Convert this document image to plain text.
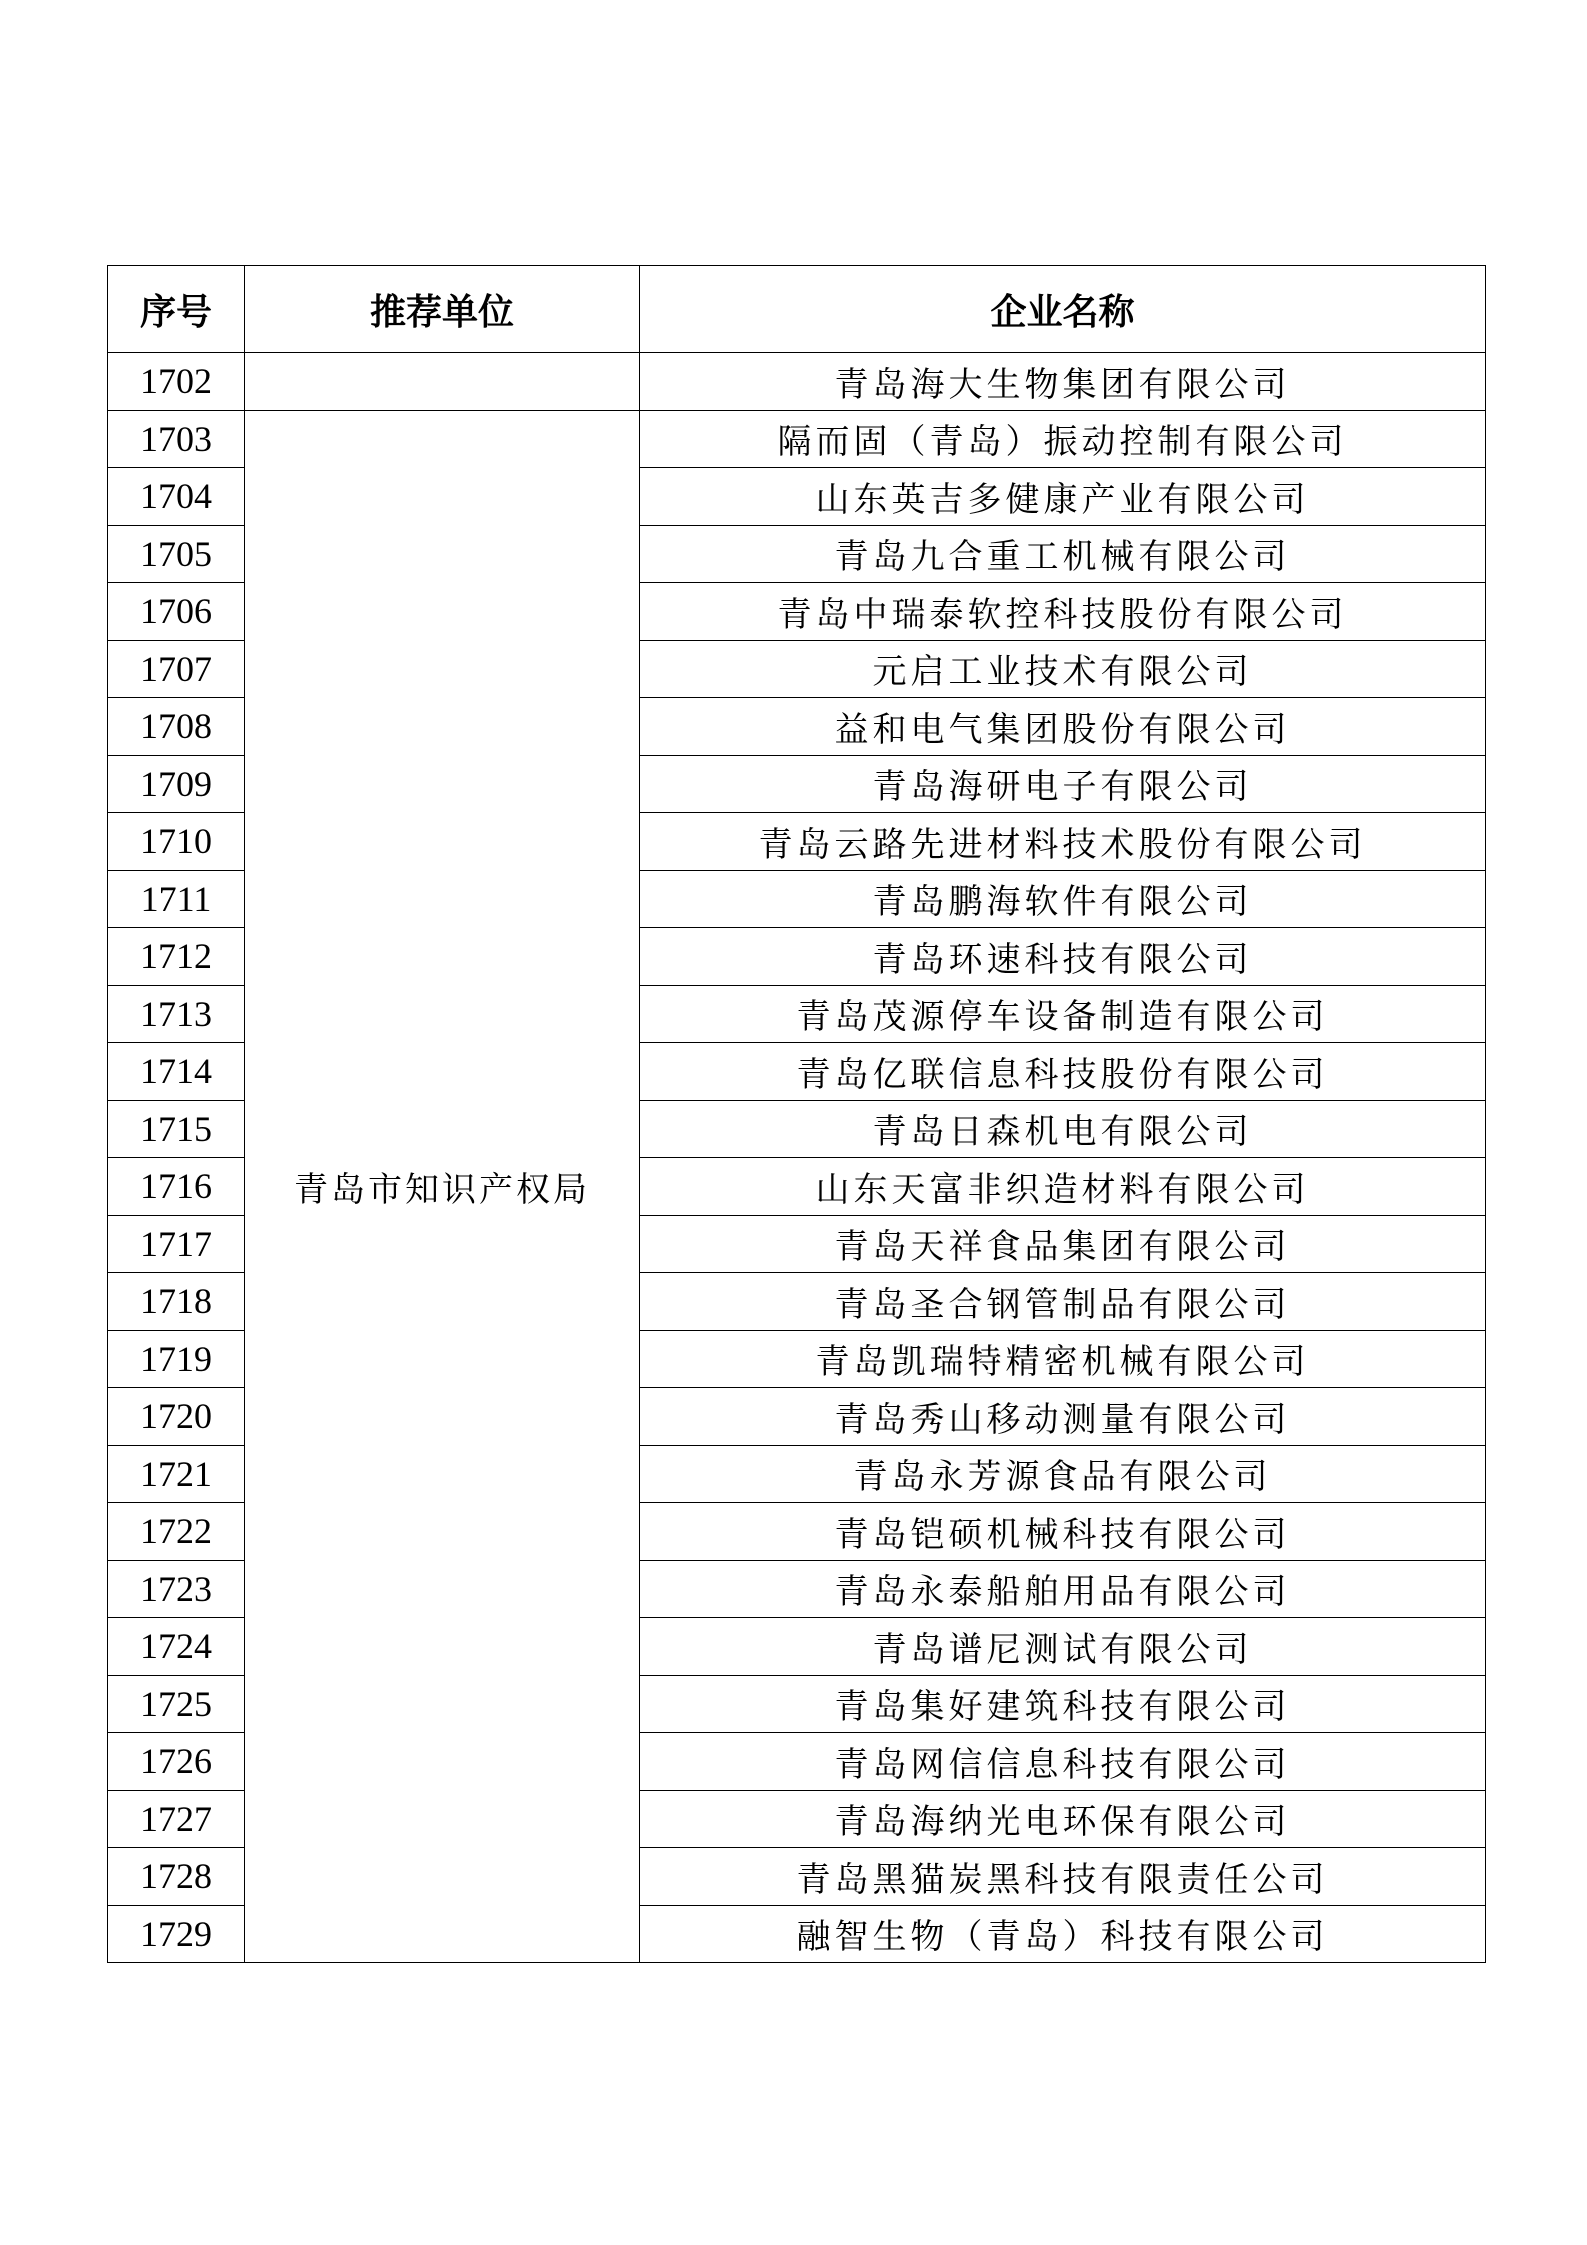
序号	推荐单位	企业名称
1702		青岛海大生物集团有限公司
1703	青岛市知识产权局	隔而固（青岛）振动控制有限公司
1704		山东英吉多健康产业有限公司
1705		青岛九合重工机械有限公司
1706		青岛中瑞泰软控科技股份有限公司
1707		元启工业技术有限公司
1708		益和电气集团股份有限公司
1709		青岛海研电子有限公司
1710		青岛云路先进材料技术股份有限公司
1711		青岛鹏海软件有限公司
1712		青岛环速科技有限公司
1713		青岛茂源停车设备制造有限公司
1714		青岛亿联信息科技股份有限公司
1715		青岛日森机电有限公司
1716		山东天富非织造材料有限公司
1717		青岛天祥食品集团有限公司
1718		青岛圣合钢管制品有限公司
1719		青岛凯瑞特精密机械有限公司
1720		青岛秀山移动测量有限公司
1721		青岛永芳源食品有限公司
1722		青岛铠硕机械科技有限公司
1723		青岛永泰船舶用品有限公司
1724		青岛谱尼测试有限公司
1725		青岛集好建筑科技有限公司
1726		青岛网信信息科技有限公司
1727		青岛海纳光电环保有限公司
1728		青岛黑猫炭黑科技有限责任公司
1729		融智生物（青岛）科技有限公司
